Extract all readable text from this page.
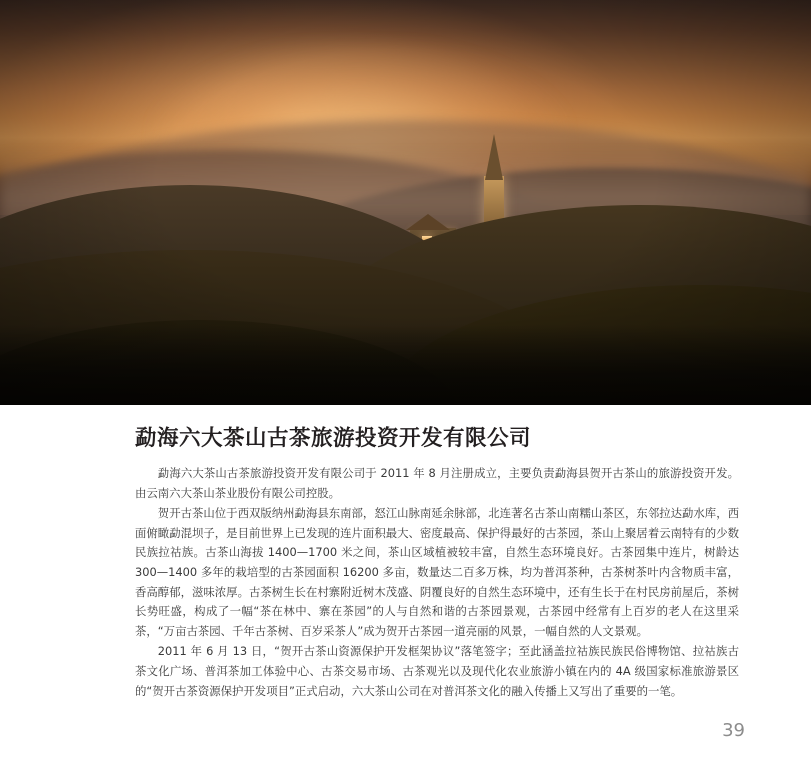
勐海六大茶山古茶旅游投资开发有限公司

勐海六大茶山古茶旅游投资开发有限公司于 2011 年 8 月注册成立，主要负责勐海县贺开古茶山的旅游投资开发。由云南六大茶山茶业股份有限公司控股。

贺开古茶山位于西双版纳州勐海县东南部，怒江山脉南延余脉部，北连著名古茶山南糯山茶区，东邻拉达勐水库，西面俯瞰勐混坝子，是目前世界上已发现的连片面积最大、密度最高、保护得最好的古茶园，茶山上聚居着云南特有的少数民族拉祜族。古茶山海拔 1400—1700 米之间，茶山区域植被较丰富，自然生态环境良好。古茶园集中连片，树龄达 300—1400 多年的栽培型的古茶园面积 16200 多亩，数量达二百多万株，均为普洱茶种，古茶树茶叶内含物质丰富，香高醇郁，滋味浓厚。古茶树生长在村寨附近树木茂盛、阴覆良好的自然生态环境中，还有生长于在村民房前屋后，茶树长势旺盛，构成了一幅“茶在林中、寨在茶园”的人与自然和谐的古茶园景观，古茶园中经常有上百岁的老人在这里采茶，“万亩古茶园、千年古茶树、百岁采茶人”成为贺开古茶园一道亮丽的风景，一幅自然的人文景观。

2011 年 6 月 13 日，“贺开古茶山资源保护开发框架协议”落笔签字；至此涵盖拉祜族民族民俗博物馆、拉祜族古茶文化广场、普洱茶加工体验中心、古茶交易市场、古茶观光以及现代化农业旅游小镇在内的 4A 级国家标准旅游景区的“贺开古茶资源保护开发项目”正式启动，六大茶山公司在对普洱茶文化的融入传播上又写出了重要的一笔。

39
